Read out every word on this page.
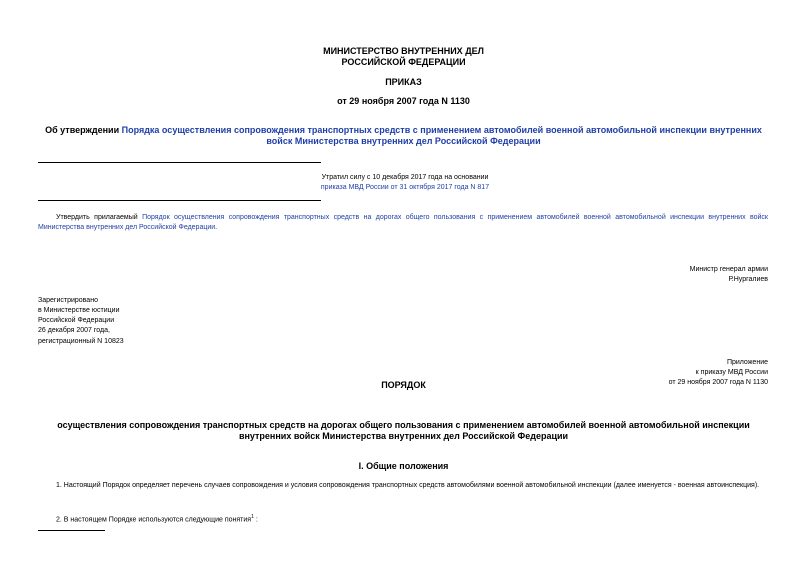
МИНИСТЕРСТВО ВНУТРЕННИХ ДЕЛ
РОССИЙСКОЙ ФЕДЕРАЦИИ
ПРИКАЗ
от 29 ноября 2007 года N 1130
Об утверждении Порядка осуществления сопровождения транспортных средств с применением автомобилей военной автомобильной инспекции внутренних войск Министерства внутренних дел Российской Федерации
Утратил силу с 10 декабря 2017 года на основании
приказа МВД России от 31 октября 2017 года N 817
Утвердить прилагаемый Порядок осуществления сопровождения транспортных средств на дорогах общего пользования с применением автомобилей военной автомобильной инспекции внутренних войск Министерства внутренних дел Российской Федерации.
Министр генерал армии
Р.Нургалиев
Зарегистрировано
в Министерстве юстиции
Российской Федерации
26 декабря 2007 года,
регистрационный N 10823
Приложение
к приказу МВД России
от 29 ноября 2007 года N 1130
ПОРЯДОК
осуществления сопровождения транспортных средств на дорогах общего пользования с применением автомобилей военной автомобильной инспекции
внутренних войск Министерства внутренних дел Российской Федерации
I. Общие положения
1. Настоящий Порядок определяет перечень случаев сопровождения и условия сопровождения транспортных средств автомобилями военной автомобильной инспекции (далее именуется - военная автоинспекция).
2. В настоящем Порядке используются следующие понятия$^1$ :
